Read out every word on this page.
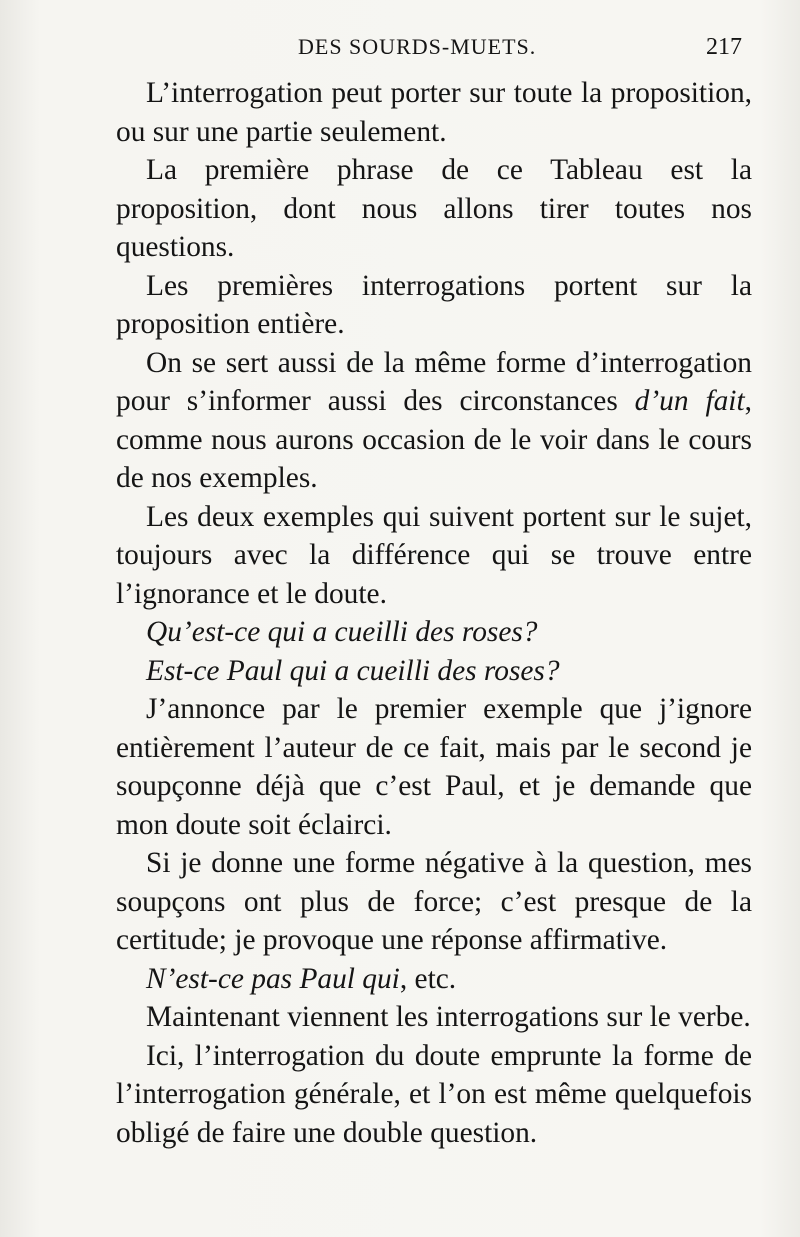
DES SOURDS-MUETS.	217

L’interrogation peut porter sur toute la proposition, ou sur une partie seulement.

La première phrase de ce Tableau est la proposition, dont nous allons tirer toutes nos questions.

Les premières interrogations portent sur la proposition entière.

On se sert aussi de la même forme d’interrogation pour s’informer aussi des circonstances d’un fait, comme nous aurons occasion de le voir dans le cours de nos exemples.

Les deux exemples qui suivent portent sur le sujet, toujours avec la différence qui se trouve entre l’ignorance et le doute.

Qu’est-ce qui a cueilli des roses?

Est-ce Paul qui a cueilli des roses?

J’annonce par le premier exemple que j’ignore entièrement l’auteur de ce fait, mais par le second je soupçonne déjà que c’est Paul, et je demande que mon doute soit éclairci.

Si je donne une forme négative à la question, mes soupçons ont plus de force; c’est presque de la certitude; je provoque une réponse affirmative.

N’est-ce pas Paul qui, etc.

Maintenant viennent les interrogations sur le verbe.

Ici, l’interrogation du doute emprunte la forme de l’interrogation générale, et l’on est même quelquefois obligé de faire une double question.
